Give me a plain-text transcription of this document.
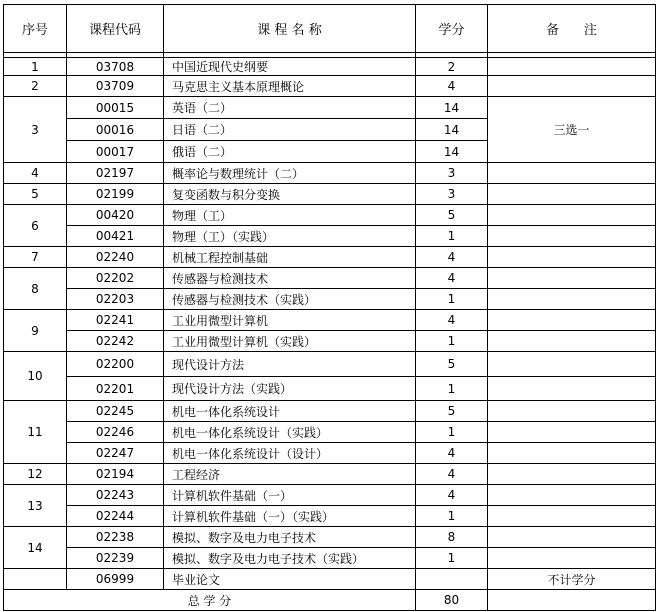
序号	课程代码	课 程 名 称	学分	备      注

1	03708	中国近现代史纲要	2	
2	03709	马克思主义基本原理概论	4	
3	00015	英语（二）	14	三选一
	00016	日语（二）	14	
	00017	俄语（二）	14	
4	02197	概率论与数理统计（二）	3	
5	02199	复变函数与积分变换	3	
6	00420	物理（工）	5	
	00421	物理（工）（实践）	1	
7	02240	机械工程控制基础	4	
8	02202	传感器与检测技术	4	
	02203	传感器与检测技术（实践）	1	
9	02241	工业用微型计算机	4	
	02242	工业用微型计算机（实践）	1	
10	02200	现代设计方法	5	
	02201	现代设计方法（实践）	1	
11	02245	机电一体化系统设计	5	
	02246	机电一体化系统设计（实践）	1	
	02247	机电一体化系统设计（设计）	4	
12	02194	工程经济	4	
13	02243	计算机软件基础（一）	4	
	02244	计算机软件基础（一）（实践）	1	
14	02238	模拟、数字及电力电子技术	8	
	02239	模拟、数字及电力电子技术（实践）	1	
	06999	毕业论文		不计学分
总 学 分			80	
